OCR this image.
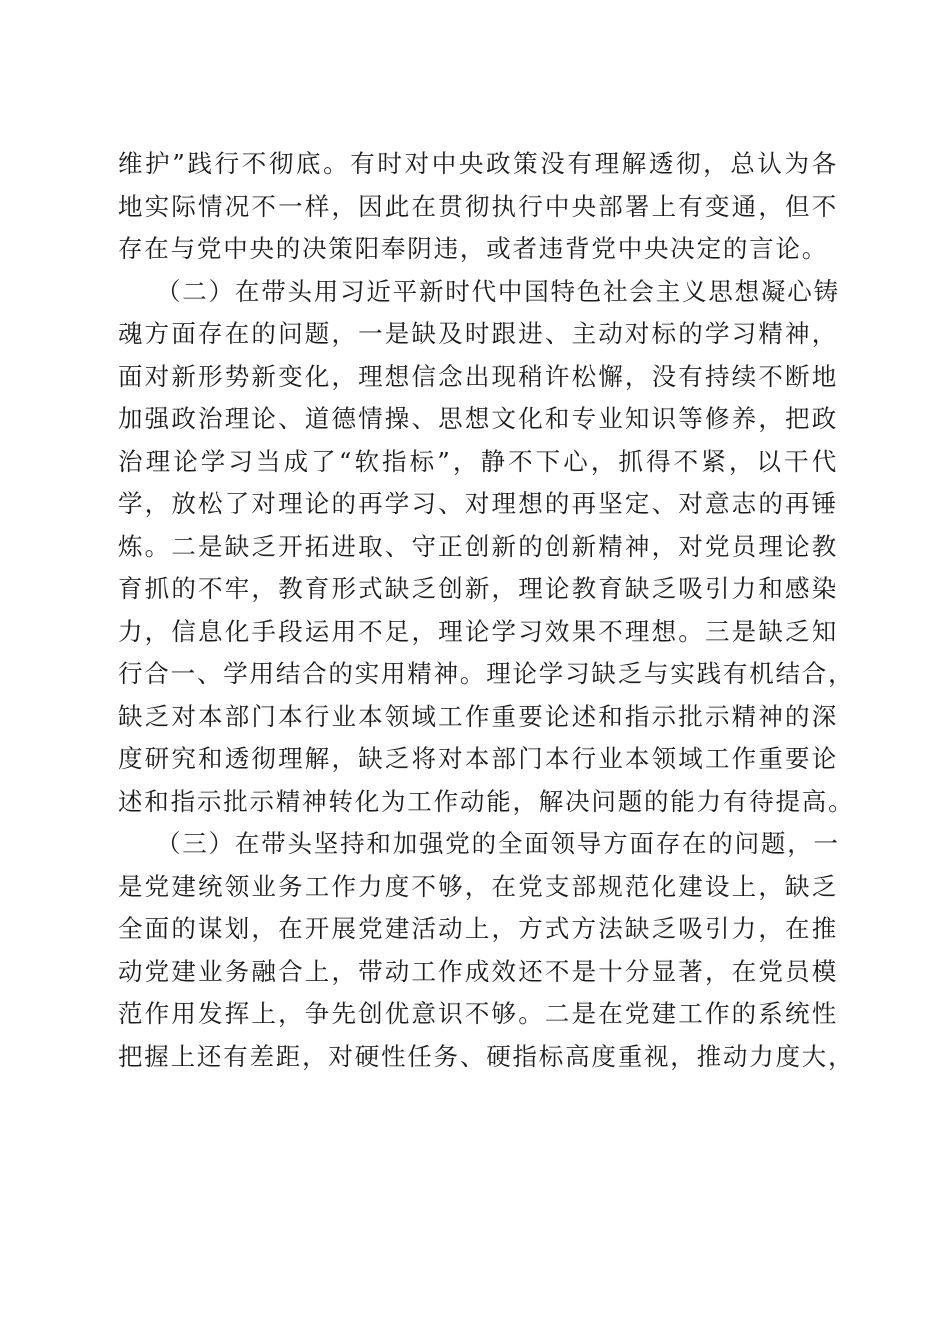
维护”践行不彻底。有时对中央政策没有理解透彻，总认为各
地实际情况不一样，因此在贯彻执行中央部署上有变通，但不
存在与党中央的决策阳奉阴违，或者违背党中央决定的言论。
（二）在带头用习近平新时代中国特色社会主义思想凝心铸
魂方面存在的问题，一是缺及时跟进、主动对标的学习精神，
面对新形势新变化，理想信念出现稍许松懈，没有持续不断地
加强政治理论、道德情操、思想文化和专业知识等修养，把政
治理论学习当成了“软指标”，静不下心，抓得不紧，以干代
学，放松了对理论的再学习、对理想的再坚定、对意志的再锤
炼。二是缺乏开拓进取、守正创新的创新精神，对党员理论教
育抓的不牢，教育形式缺乏创新，理论教育缺乏吸引力和感染
力，信息化手段运用不足，理论学习效果不理想。三是缺乏知
行合一、学用结合的实用精神。理论学习缺乏与实践有机结合，
缺乏对本部门本行业本领域工作重要论述和指示批示精神的深
度研究和透彻理解，缺乏将对本部门本行业本领域工作重要论
述和指示批示精神转化为工作动能，解决问题的能力有待提高。
（三）在带头坚持和加强党的全面领导方面存在的问题，一
是党建统领业务工作力度不够，在党支部规范化建设上，缺乏
全面的谋划，在开展党建活动上，方式方法缺乏吸引力，在推
动党建业务融合上，带动工作成效还不是十分显著，在党员模
范作用发挥上，争先创优意识不够。二是在党建工作的系统性
把握上还有差距，对硬性任务、硬指标高度重视，推动力度大，
